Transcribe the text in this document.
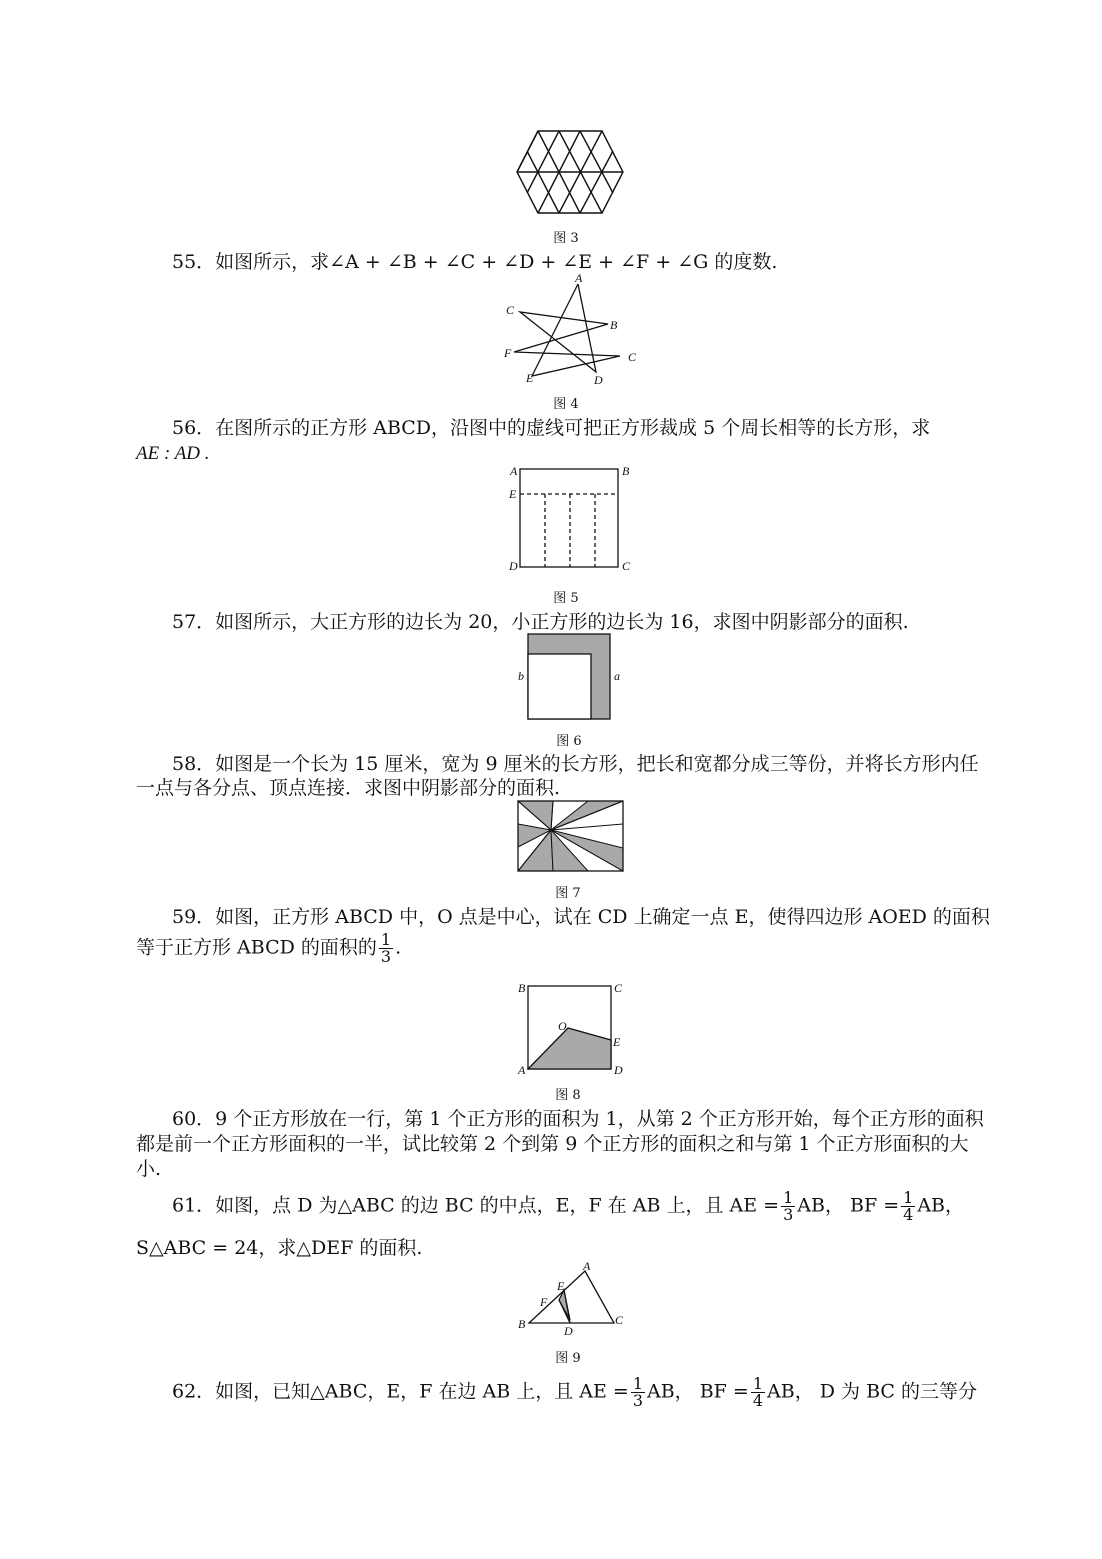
图 3
55．如图所示，求∠A + ∠B + ∠C + ∠D + ∠E + ∠F + ∠G 的度数.
A
C
B
F	C
E	D
图 4
56．在图所示的正方形 ABCD，沿图中的虚线可把正方形裁成 5 个周长相等的长方形，求
AE : AD .
A	B
E
D	C
图 5
57．如图所示，大正方形的边长为 20，小正方形的边长为 16，求图中阴影部分的面积.
b	a
图 6
58．如图是一个长为 15 厘米，宽为 9 厘米的长方形，把长和宽都分成三等份，并将长方形内任
一点与各分点、顶点连接．求图中阴影部分的面积.
图 7
59．如图，正方形 ABCD 中，O 点是中心，试在 CD 上确定一点 E，使得四边形 AOED 的面积
等于正方形 ABCD 的面积的 $\frac{1}{3}$ .
B	C
O
E
A	D
图 8
60．9 个正方形放在一行，第 1 个正方形的面积为 1，从第 2 个正方形开始，每个正方形的面积
都是前一个正方形面积的一半，试比较第 2 个到第 9 个正方形的面积之和与第 1 个正方形面积的大
小.
61．如图，点 D 为△ABC 的边 BC 的中点，E，F 在 AB 上，且 AE = $\frac{1}{3}$ AB， BF = $\frac{1}{4}$ AB，
S△ABC = 24，求△DEF 的面积.
A
E
F
B	C
D
图 9
62．如图，已知△ABC，E，F 在边 AB 上，且 AE = $\frac{1}{3}$ AB， BF = $\frac{1}{4}$ AB， D 为 BC 的三等分
